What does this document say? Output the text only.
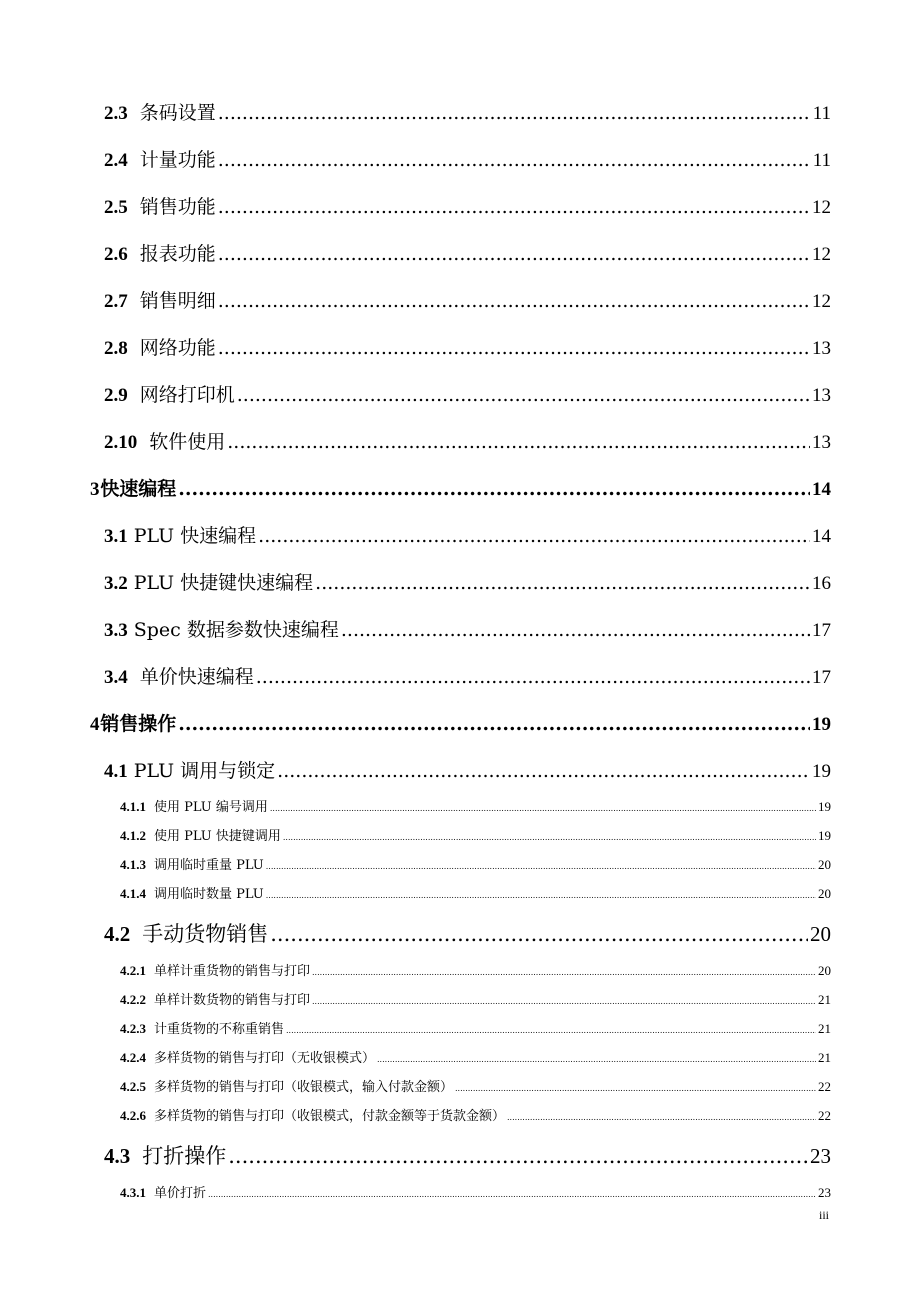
2.3 条码设置 .....	11
2.4 计量功能 .....	11
2.5 销售功能 .....	12
2.6 报表功能 .....	12
2.7 销售明细 .....	12
2.8 网络功能 .....	13
2.9 网络打印机 .....	13
2.10 软件使用 .....	13
3 快速编程 .....	14
3.1 PLU 快速编程 .....	14
3.2 PLU 快捷键快速编程 .....	16
3.3 Spec 数据参数快速编程 .....	17
3.4 单价快速编程 .....	17
4 销售操作 .....	19
4.1 PLU 调用与锁定 .....	19
4.1.1 使用 PLU 编号调用 .....	19
4.1.2 使用 PLU 快捷键调用 .....	19
4.1.3 调用临时重量 PLU .....	20
4.1.4 调用临时数量 PLU .....	20
4.2 手动货物销售 .....	20
4.2.1 单样计重货物的销售与打印 .....	20
4.2.2 单样计数货物的销售与打印 .....	21
4.2.3 计重货物的不称重销售 .....	21
4.2.4 多样货物的销售与打印（无收银模式） .....	21
4.2.5 多样货物的销售与打印（收银模式，输入付款金额） .....	22
4.2.6 多样货物的销售与打印（收银模式，付款金额等于货款金额） .....	22
4.3 打折操作 .....	23
4.3.1 单价打折 .....	23
iii
